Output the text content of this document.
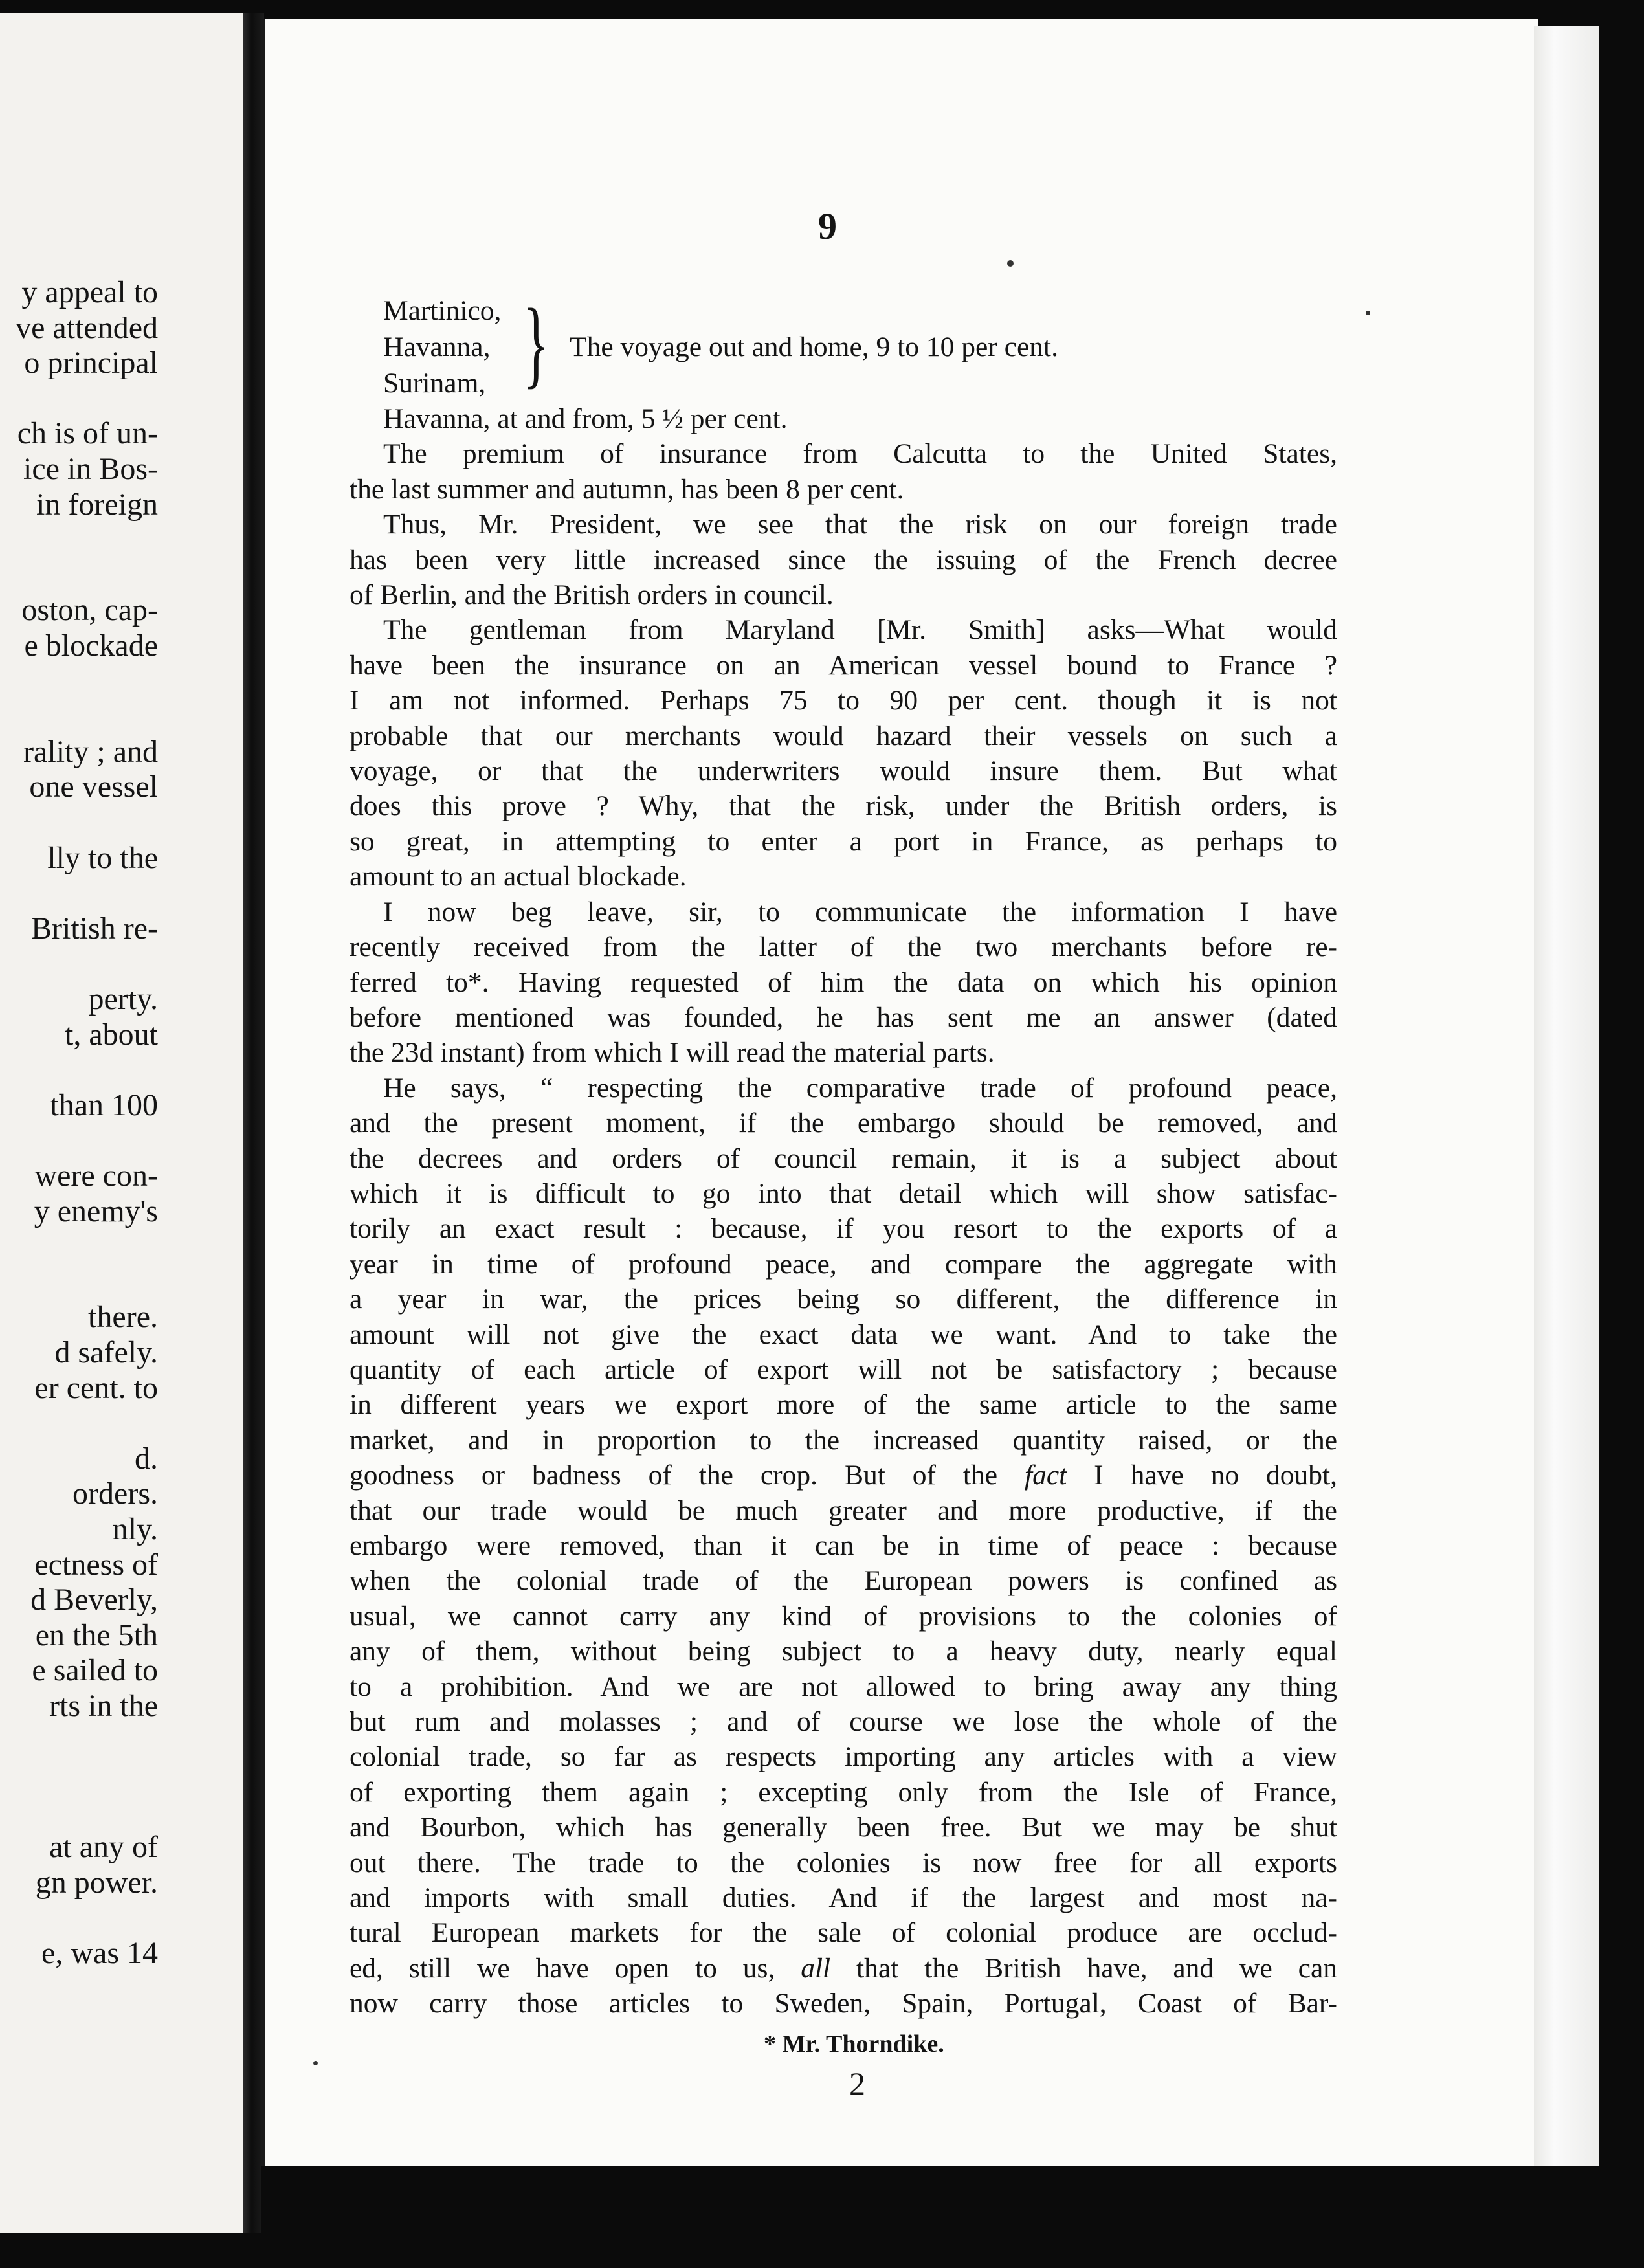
y appeal to
ve attended
o principal
ch is of un-
ice in Bos-
in foreign
oston, cap-
e blockade
rality ; and
one vessel
lly to the
British re-
perty.
t, about
than 100
were con-
y enemy's
there.
d safely.
er cent. to
d.
orders.
nly.
ectness of
d Beverly,
en the 5th
e sailed to
rts in the
at any of
gn power.
e, was 14
9
Martinico,
Havanna,
Surinam, } The voyage out and home, 9 to 10 per cent.
Havanna, at and from, 5 ½ per cent.
The premium of insurance from Calcutta to the United States,
the last summer and autumn, has been 8 per cent.
Thus, Mr. President, we see that the risk on our foreign trade
has been very little increased since the issuing of the French decree
of Berlin, and the British orders in council.
The gentleman from Maryland [Mr. Smith] asks—What would
have been the insurance on an American vessel bound to France ?
I am not informed. Perhaps 75 to 90 per cent. though it is not
probable that our merchants would hazard their vessels on such a
voyage, or that the underwriters would insure them. But what
does this prove ? Why, that the risk, under the British orders, is
so great, in attempting to enter a port in France, as perhaps to
amount to an actual blockade.
I now beg leave, sir, to communicate the information I have
recently received from the latter of the two merchants before re-
ferred to*. Having requested of him the data on which his opinion
before mentioned was founded, he has sent me an answer (dated
the 23d instant) from which I will read the material parts.
He says, “ respecting the comparative trade of profound peace,
and the present moment, if the embargo should be removed, and
the decrees and orders of council remain, it is a subject about
which it is difficult to go into that detail which will show satisfac-
torily an exact result : because, if you resort to the exports of a
year in time of profound peace, and compare the aggregate with
a year in war, the prices being so different, the difference in
amount will not give the exact data we want. And to take the
quantity of each article of export will not be satisfactory ; because
in different years we export more of the same article to the same
market, and in proportion to the increased quantity raised, or the
goodness or badness of the crop. But of the fact I have no doubt,
that our trade would be much greater and more productive, if the
embargo were removed, than it can be in time of peace : because
when the colonial trade of the European powers is confined as
usual, we cannot carry any kind of provisions to the colonies of
any of them, without being subject to a heavy duty, nearly equal
to a prohibition. And we are not allowed to bring away any thing
but rum and molasses ; and of course we lose the whole of the
colonial trade, so far as respects importing any articles with a view
of exporting them again ; excepting only from the Isle of France,
and Bourbon, which has generally been free. But we may be shut
out there. The trade to the colonies is now free for all exports
and imports with small duties. And if the largest and most na-
tural European markets for the sale of colonial produce are occlud-
ed, still we have open to us, all that the British have, and we can
now carry those articles to Sweden, Spain, Portugal, Coast of Bar-
* Mr. Thorndike.
2
